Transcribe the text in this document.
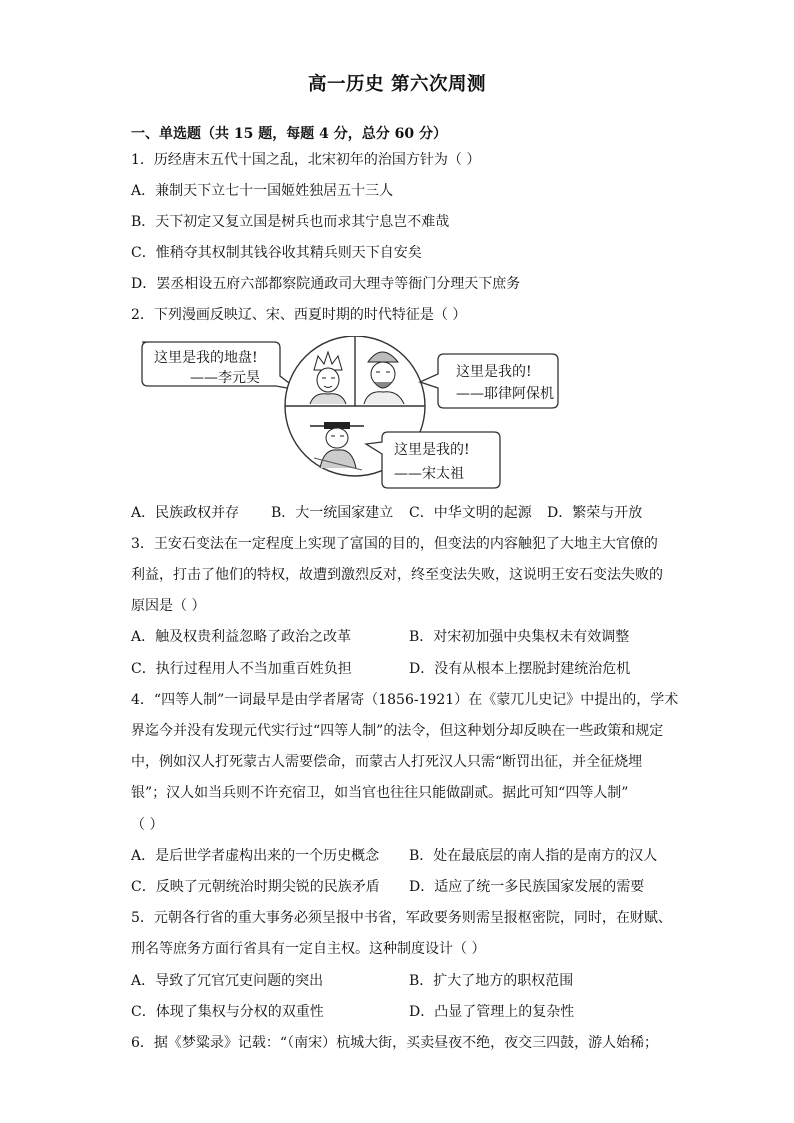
高一历史 第六次周测
一、单选题（共 15 题，每题 4 分，总分 60 分）
1．历经唐末五代十国之乱，北宋初年的治国方针为（ ）
A．兼制天下立七十一国姬姓独居五十三人
B．天下初定又复立国是树兵也而求其宁息岂不难哉
C．惟稍夺其权制其钱谷收其精兵则天下自安矣
D．罢丞相设五府六部都察院通政司大理寺等衙门分理天下庶务
2．下列漫画反映辽、宋、西夏时期的时代特征是（ ）
这里是我的地盘!
——李元昊	这里是我的!
——耶律阿保机
这里是我的!
——宋太祖
A．民族政权并存 B．大一统国家建立 C．中华文明的起源 D．繁荣与开放
3．王安石变法在一定程度上实现了富国的目的，但变法的内容触犯了大地主大官僚的
利益，打击了他们的特权，故遭到激烈反对，终至变法失败，这说明王安石变法失败的
原因是（ ）
A．触及权贵利益忽略了政治之改革	B．对宋初加强中央集权未有效调整
C．执行过程用人不当加重百姓负担	D．没有从根本上摆脱封建统治危机
4．“四等人制”一词最早是由学者屠寄（1856-1921）在《蒙兀儿史记》中提出的，学术
界迄今并没有发现元代实行过“四等人制”的法令，但这种划分却反映在一些政策和规定
中，例如汉人打死蒙古人需要偿命，而蒙古人打死汉人只需“断罚出征，并全征烧埋
银”；汉人如当兵则不许充宿卫，如当官也往往只能做副贰。据此可知“四等人制”
（ ）
A．是后世学者虚构出来的一个历史概念 B．处在最底层的南人指的是南方的汉人
C．反映了元朝统治时期尖锐的民族矛盾 D．适应了统一多民族国家发展的需要
5．元朝各行省的重大事务必须呈报中书省，军政要务则需呈报枢密院，同时，在财赋、
刑名等庶务方面行省具有一定自主权。这种制度设计（ ）
A．导致了冗官冗吏问题的突出	B．扩大了地方的职权范围
C．体现了集权与分权的双重性	D．凸显了管理上的复杂性
6．据《梦粱录》记载：“（南宋）杭城大街，买卖昼夜不绝，夜交三四鼓，游人始稀；
